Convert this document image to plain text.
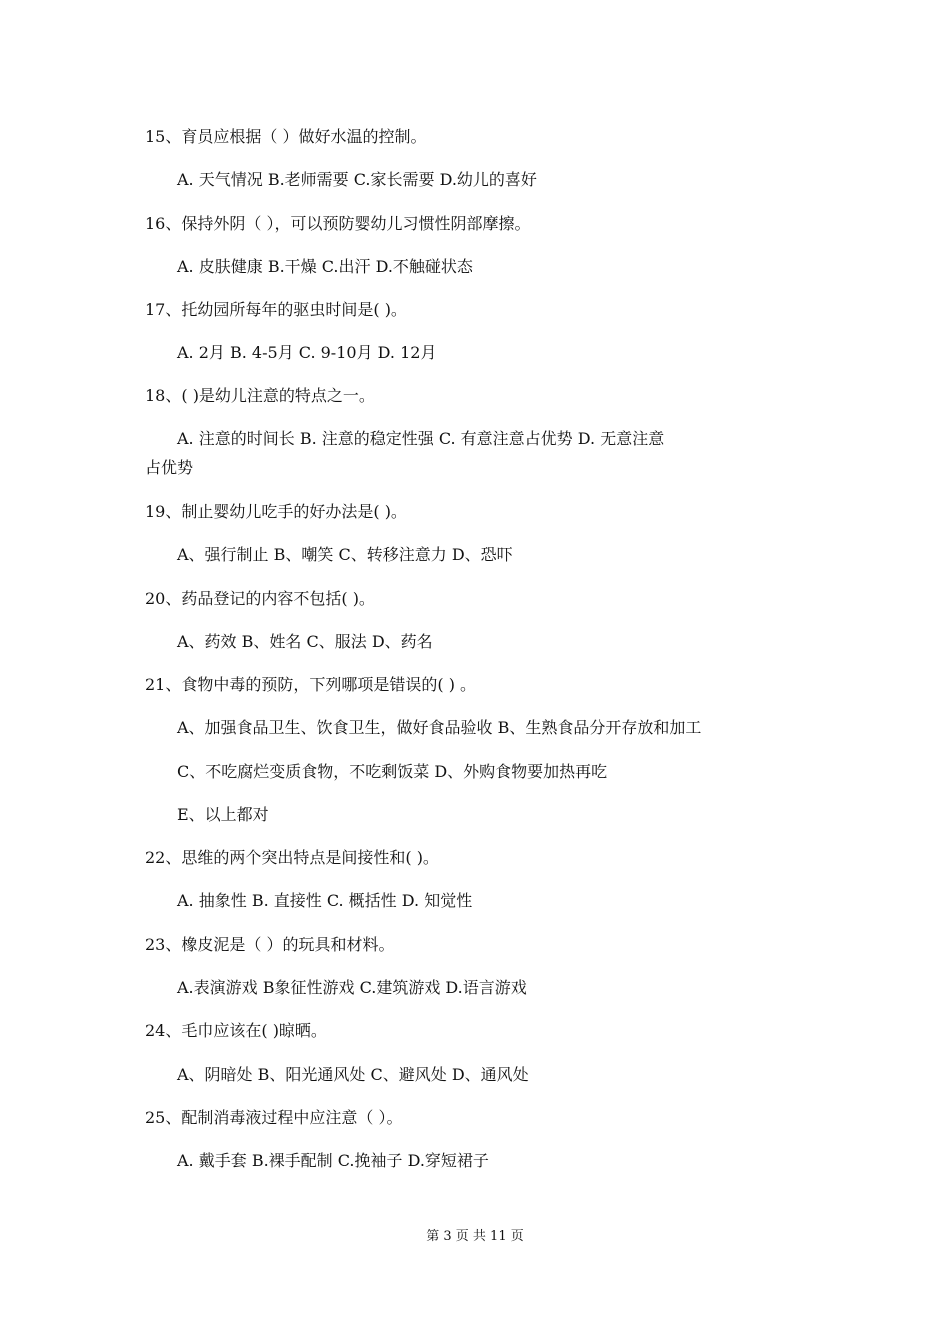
15、育员应根据（ ）做好水温的控制。
A. 天气情况 B.老师需要 C.家长需要 D.幼儿的喜好
16、保持外阴（ ），可以预防婴幼儿习惯性阴部摩擦。
A. 皮肤健康 B.干燥 C.出汗 D.不触碰状态
17、托幼园所每年的驱虫时间是( )。
A. 2月 B. 4-5月 C. 9-10月 D. 12月
18、( )是幼儿注意的特点之一。
A. 注意的时间长 B. 注意的稳定性强 C. 有意注意占优势 D. 无意注意
占优势
19、制止婴幼儿吃手的好办法是( )。
A、强行制止 B、嘲笑 C、转移注意力 D、恐吓
20、药品登记的内容不包括( )。
A、药效 B、姓名 C、服法 D、药名
21、食物中毒的预防，下列哪项是错误的( ) 。
A、加强食品卫生、饮食卫生，做好食品验收 B、生熟食品分开存放和加工
C、不吃腐烂变质食物，不吃剩饭菜 D、外购食物要加热再吃
E、以上都对
22、思维的两个突出特点是间接性和( )。
A. 抽象性 B. 直接性 C. 概括性 D. 知觉性
23、橡皮泥是（ ）的玩具和材料。
A.表演游戏 B象征性游戏 C.建筑游戏 D.语言游戏
24、毛巾应该在( )晾晒。
A、阴暗处 B、阳光通风处 C、避风处 D、通风处
25、配制消毒液过程中应注意（ ）。
A. 戴手套 B.裸手配制 C.挽袖子 D.穿短裙子
第 3 页 共 11 页
